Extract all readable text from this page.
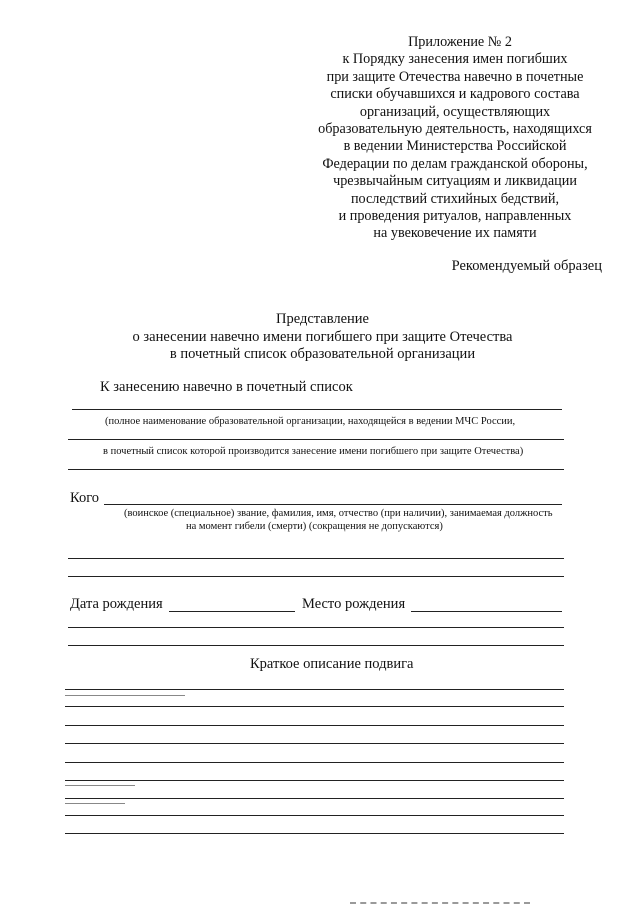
Приложение № 2
к Порядку занесения имен погибших
при защите Отечества навечно в почетные
списки обучавшихся и кадрового состава
организаций, осуществляющих
образовательную деятельность, находящихся
в ведении Министерства Российской
Федерации по делам гражданской обороны,
чрезвычайным ситуациям и ликвидации
последствий стихийных бедствий,
и проведения ритуалов, направленных
на увековечение их памяти
Рекомендуемый образец
Представление
о занесении навечно имени погибшего при защите Отечества
в почетный список образовательной организации
К занесению навечно в почетный список
(полное наименование образовательной организации, находящейся в ведении МЧС России,
в почетный список которой производится занесение имени погибшего при защите Отечества)
Кого
(воинское (специальное) звание, фамилия, имя, отчество (при наличии), занимаемая должность
на момент гибели (смерти) (сокращения не допускаются)
Дата рождения	Место рождения
Краткое описание подвига
